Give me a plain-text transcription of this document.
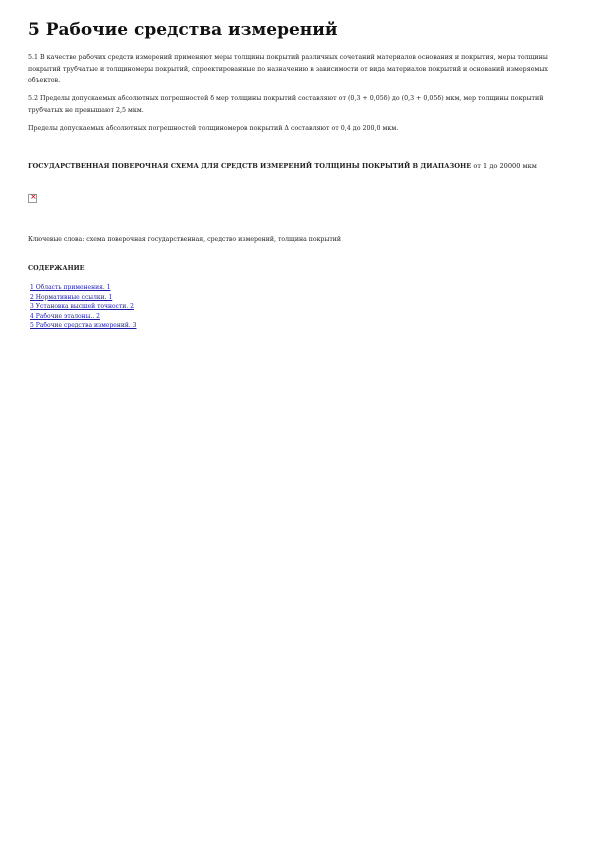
5 Рабочие средства измерений

5.1 В качестве рабочих средств измерений применяют меры толщины покрытий различных сочетаний материалов основания и покрытия, меры толщины покрытий трубчатые и толщиномеры покрытий, спроектированные по назначению в зависимости от вида материалов покрытий и оснований измеряемых объектов.

5.2 Пределы допускаемых абсолютных погрешностей δ мер толщины покрытий составляют от (0,3 + 0,05δ) до (0,3 + 0,05δ) мкм, мер толщины покрытий трубчатых не превышают 2,5 мкм.

Пределы допускаемых абсолютных погрешностей толщиномеров покрытий Δ составляют от 0,4 до 200,0 мкм.

ГОСУДАРСТВЕННАЯ ПОВЕРОЧНАЯ СХЕМА ДЛЯ СРЕДСТВ ИЗМЕРЕНИЙ ТОЛЩИНЫ ПОКРЫТИЙ В ДИАПАЗОНЕ от 1 до 20000 мкм

×

Ключевые слова: схема поверочная государственная, средство измерений, толщина покрытий

СОДЕРЖАНИЕ

1 Область применения. 1
2 Нормативные ссылки. 1
3 Установка высшей точности. 2
4 Рабочие эталоны.. 2
5 Рабочие средства измерений. 3
